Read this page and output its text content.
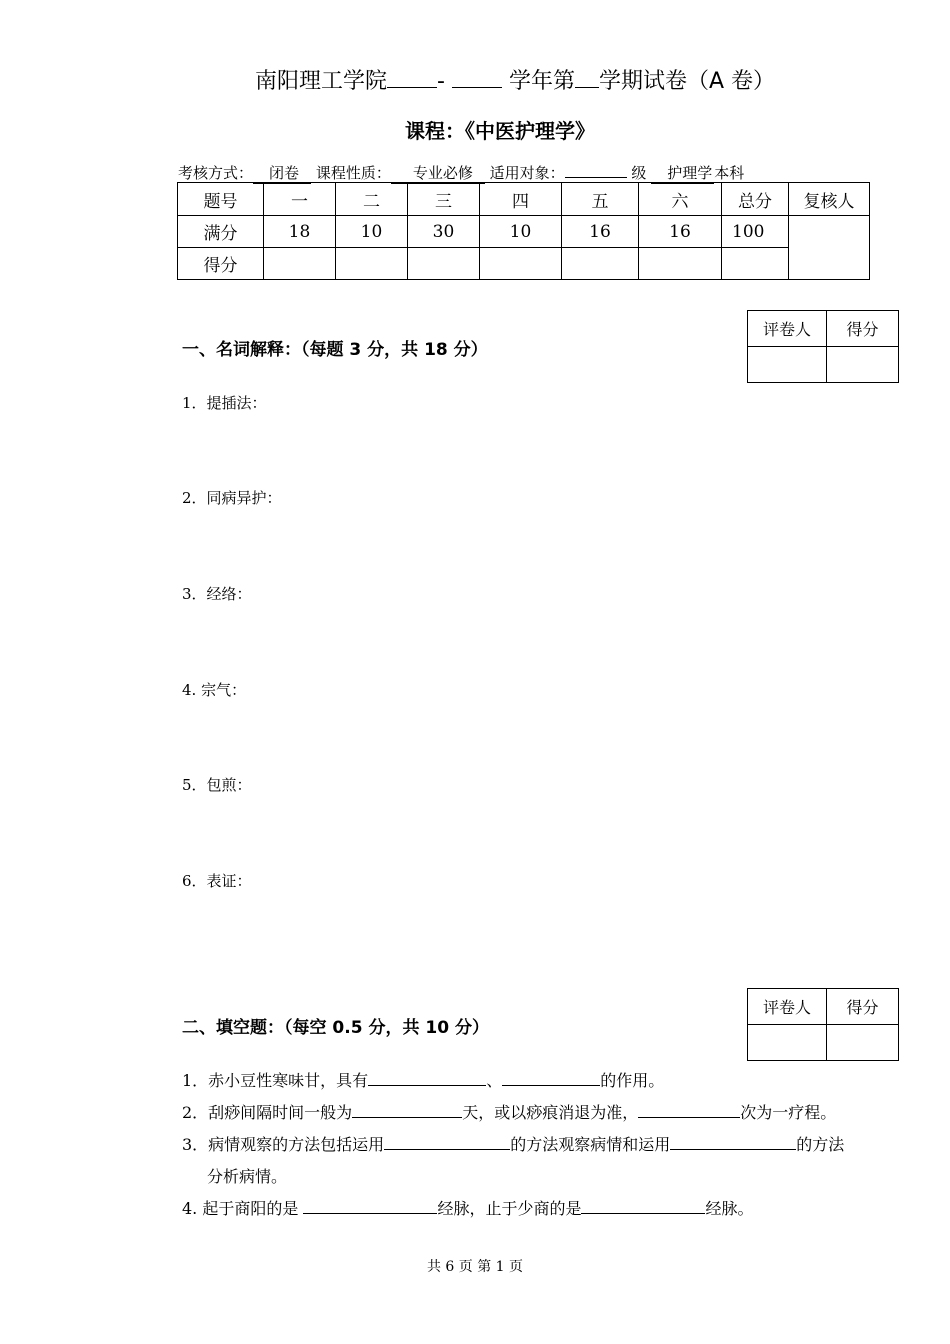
南阳理工学院 -	学年第 学期试卷（A 卷）
课程：《中医护理学》
考核方式： 闭卷 课程性质： 专业必修 适用对象：	级 护理学 本科
题号	一	二	三	四	五	六	总分	复核人
满分	18	10	30	10	16	16	100	
得分								
评卷人	得分

一、名词解释：（每题 3 分，共 18 分）
1．提插法：
2．同病异护：
3．经络：
4. 宗气：
5．包煎：
6．表证：
评卷人	得分

二、填空题：（每空 0.5 分，共 10 分）
1．赤小豆性寒味甘，具有	、	的作用。
2．刮痧间隔时间一般为	天，或以痧痕消退为准，	次为一疗程。
3．病情观察的方法包括运用	的方法观察病情和运用	的方法
分析病情。
4. 起于商阳的是	经脉，止于少商的是	经脉。
共 6 页 第 1 页
